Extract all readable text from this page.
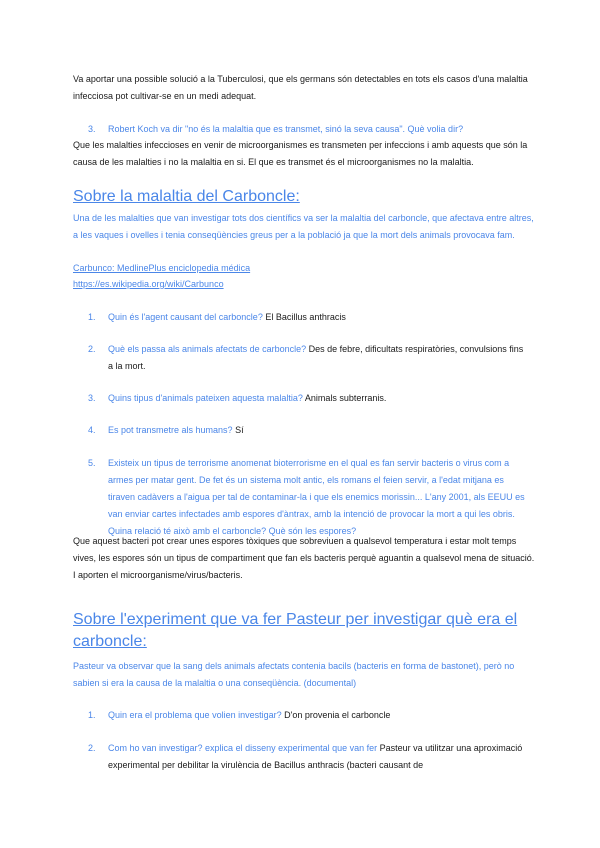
Va aportar una possible solució a la Tuberculosi, que els germans són detectables en tots els casos d'una malaltia infecciosa pot cultivar-se en un medi adequat.
3. Robert Koch va dir "no és la malaltia que es transmet, sinó la seva causa". Què volia dir?
Que les malalties infeccioses en venir de microorganismes es transmeten per infeccions i amb aquests que són la causa de les malalties i no la malaltia en si. El que es transmet és el microorganismes no la malaltia.
Sobre la malaltia del Carboncle:
Una de les malalties que van investigar tots dos científics va ser la malaltia del carboncle, que afectava entre altres, a les vaques i ovelles i tenia conseqüències greus per a la població ja que la mort dels animals provocava fam.
Carbunco: MedlinePlus enciclopedia médica
https://es.wikipedia.org/wiki/Carbunco
1. Quin és l'agent causant del carboncle? El Bacillus anthracis
2. Què els passa als animals afectats de carboncle? Des de febre, dificultats respiratòries, convulsions fins a la mort.
3. Quins tipus d'animals pateixen aquesta malaltia? Animals subterranis.
4. Es pot transmetre als humans? Sí
5. Existeix un tipus de terrorisme anomenat bioterrorisme en el qual es fan servir bacteris o virus com a armes per matar gent. De fet és un sistema molt antic, els romans el feien servir, a l'edat mitjana es tiraven cadàvers a l'aigua per tal de contaminar-la i que els enemics morissin... L'any 2001, als EEUU es van enviar cartes infectades amb espores d'àntrax, amb la intenció de provocar la mort a qui les obris. Quina relació té això amb el carboncle? Què són les espores?
Que aquest bacteri pot crear unes espores tòxiques que sobreviuen a qualsevol temperatura i estar molt temps vives, les espores són un tipus de compartiment que fan els bacteris perquè aguantin a qualsevol mena de situació. I aporten el microorganisme/virus/bacteris.
Sobre l'experiment que va fer Pasteur per investigar què era el carboncle:
Pasteur va observar que la sang dels animals afectats contenia bacils (bacteris en forma de bastonet), però no sabien si era la causa de la malaltia o una conseqüència. (documental)
1. Quin era el problema que volien investigar? D'on provenia el carboncle
2. Com ho van investigar? explica el disseny experimental que van fer Pasteur va utilitzar una aproximació experimental per debilitar la virulència de Bacillus anthracis (bacteri causant de
